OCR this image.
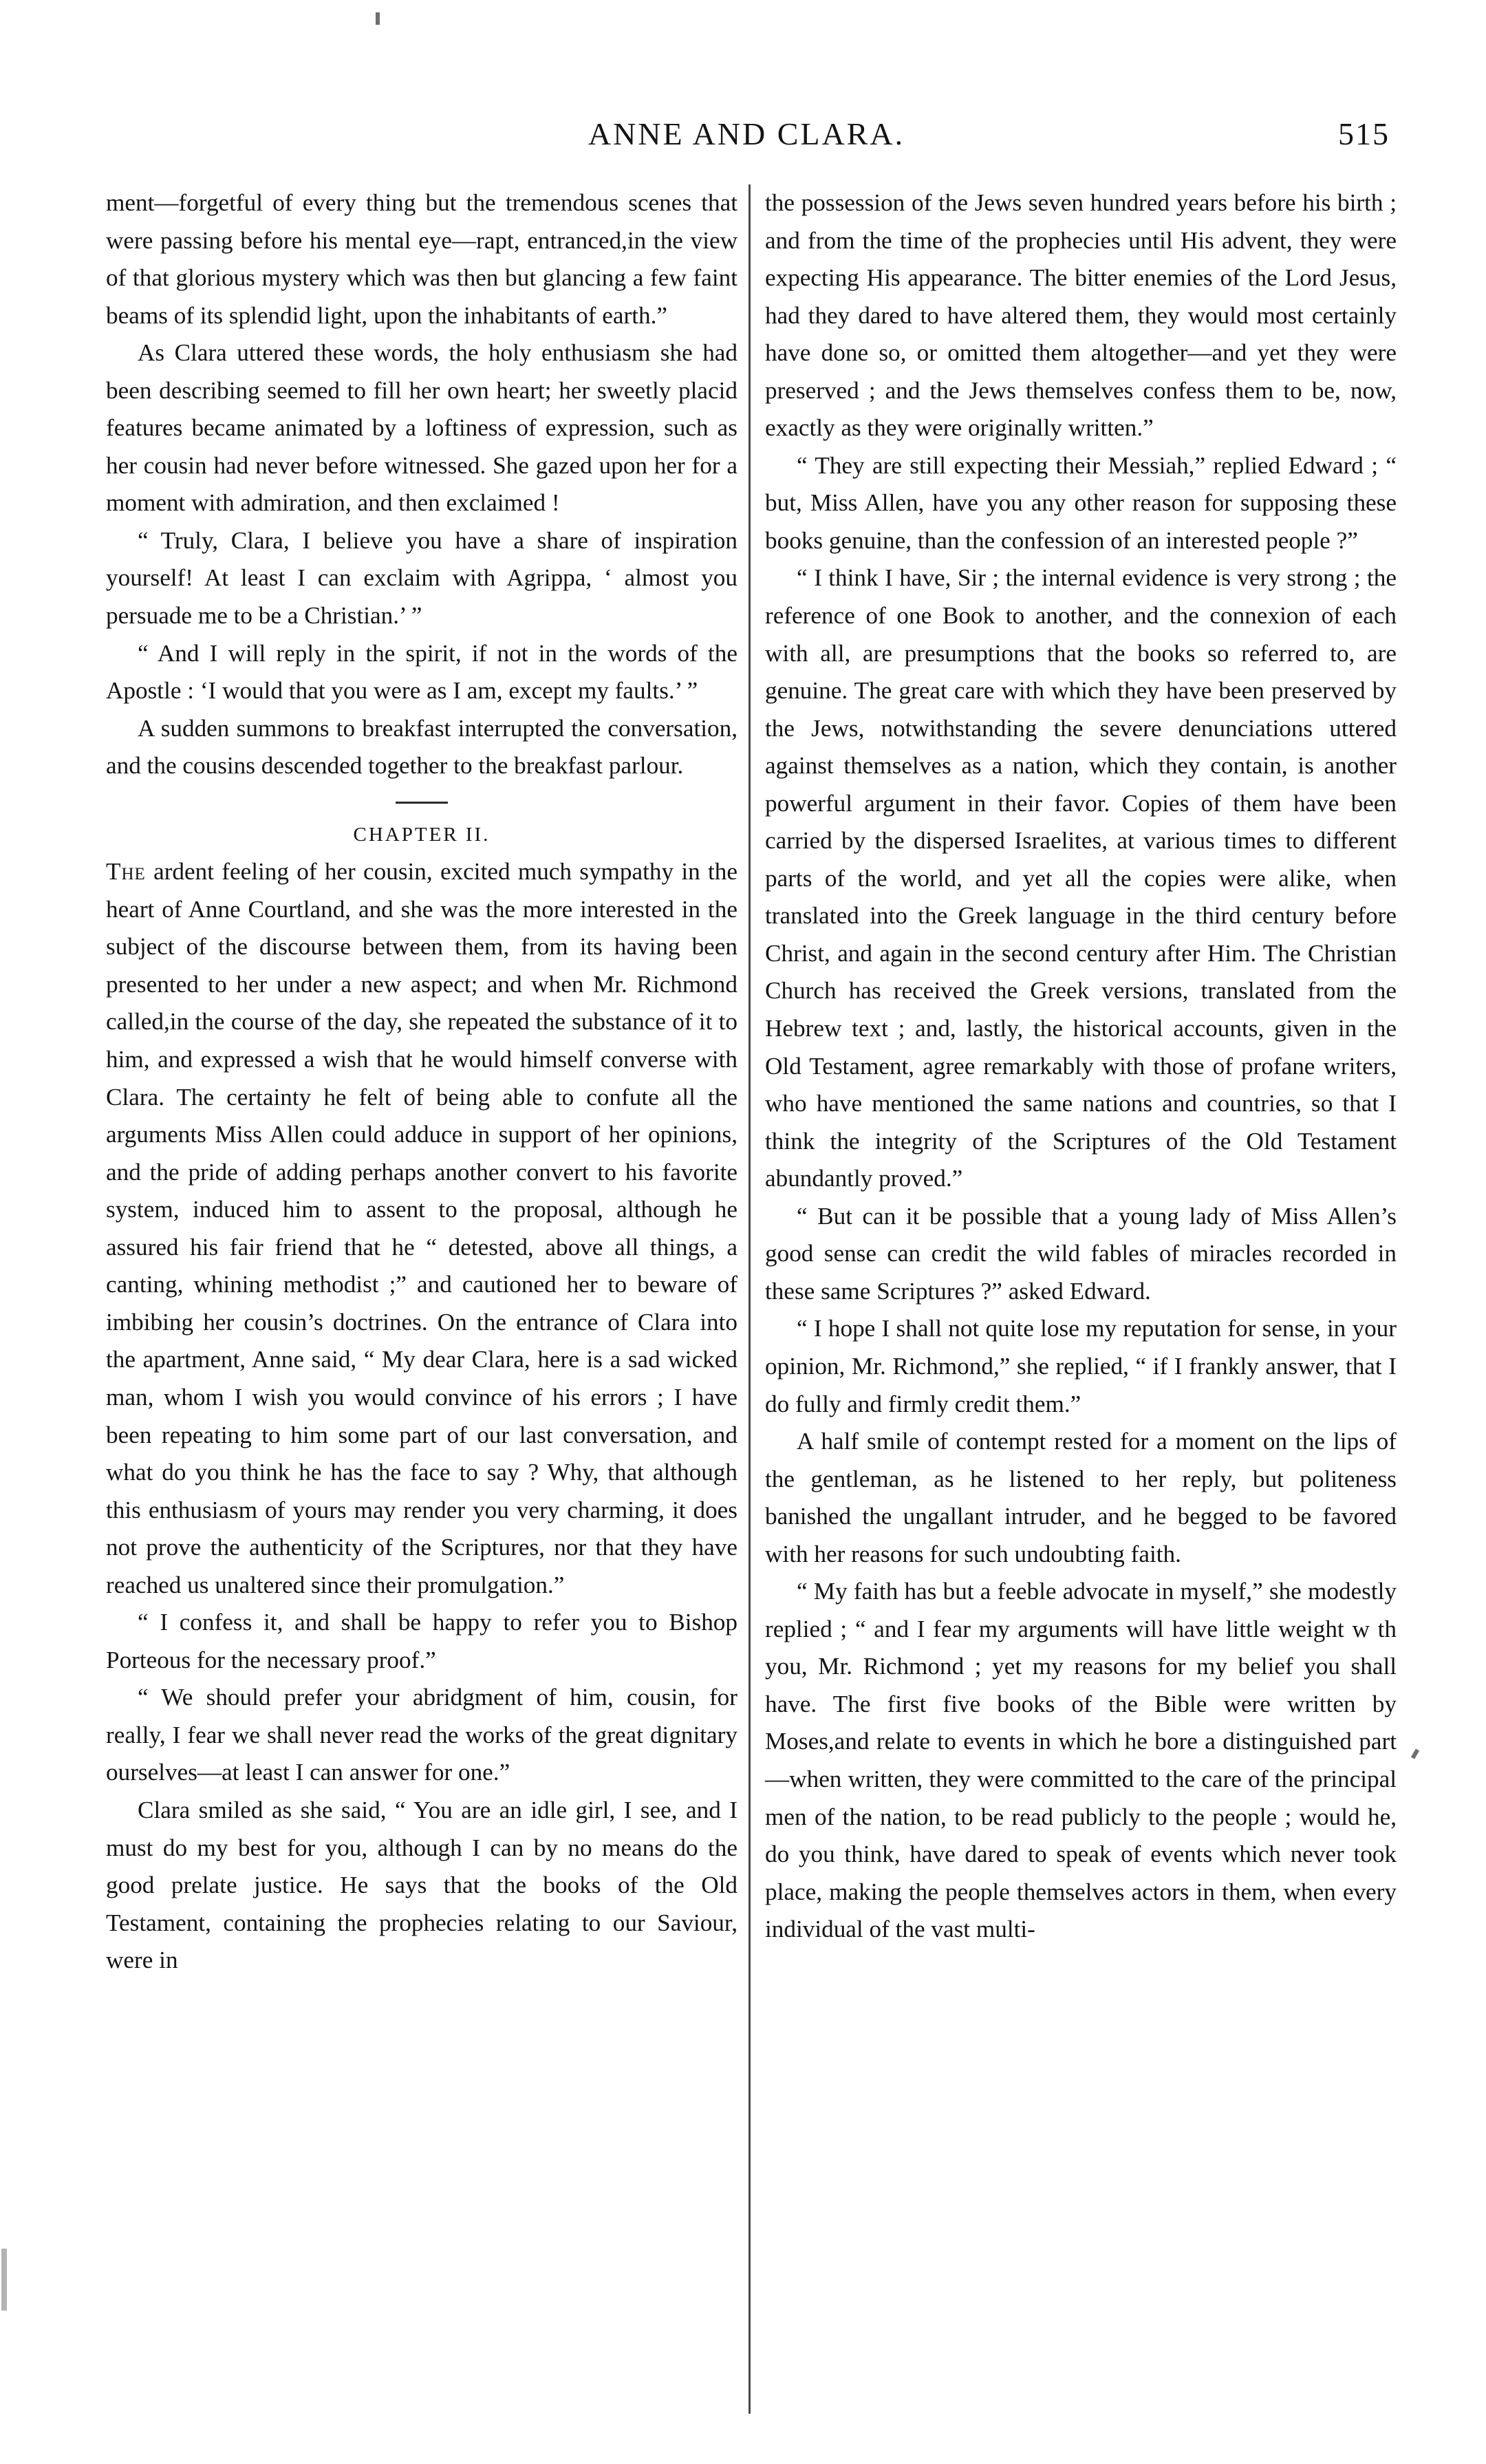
ANNE AND CLARA.	515

ment—forgetful of every thing but the tremendous scenes that were passing before his mental eye—rapt, entranced,in the view of that glorious mystery which was then but glancing a few faint beams of its splendid light, upon the inhabitants of earth.”

As Clara uttered these words, the holy enthusiasm she had been describing seemed to fill her own heart; her sweetly placid features became animated by a loftiness of expression, such as her cousin had never before witnessed. She gazed upon her for a moment with admiration, and then exclaimed !

“ Truly, Clara, I believe you have a share of inspiration yourself! At least I can exclaim with Agrippa, ‘ almost you persuade me to be a Christian.’ ”

“ And I will reply in the spirit, if not in the words of the Apostle : ‘I would that you were as I am, except my faults.’ ”

A sudden summons to breakfast interrupted the conversation, and the cousins descended together to the breakfast parlour.

CHAPTER II.

The ardent feeling of her cousin, excited much sympathy in the heart of Anne Courtland, and she was the more interested in the subject of the discourse between them, from its having been presented to her under a new aspect; and when Mr. Richmond called,in the course of the day, she repeated the substance of it to him, and expressed a wish that he would himself converse with Clara. The certainty he felt of being able to confute all the arguments Miss Allen could adduce in support of her opinions, and the pride of adding perhaps another convert to his favorite system, induced him to assent to the proposal, although he assured his fair friend that he “ detested, above all things, a canting, whining methodist ;” and cautioned her to beware of imbibing her cousin’s doctrines. On the entrance of Clara into the apartment, Anne said, “ My dear Clara, here is a sad wicked man, whom I wish you would convince of his errors ; I have been repeating to him some part of our last conversation, and what do you think he has the face to say ? Why, that although this enthusiasm of yours may render you very charming, it does not prove the authenticity of the Scriptures, nor that they have reached us unaltered since their promulgation.”

“ I confess it, and shall be happy to refer you to Bishop Porteous for the necessary proof.”

“ We should prefer your abridgment of him, cousin, for really, I fear we shall never read the works of the great dignitary ourselves—at least I can answer for one.”

Clara smiled as she said, “ You are an idle girl, I see, and I must do my best for you, although I can by no means do the good prelate justice. He says that the books of the Old Testament, containing the prophecies relating to our Saviour, were in

the possession of the Jews seven hundred years before his birth ; and from the time of the prophecies until His advent, they were expecting His appearance. The bitter enemies of the Lord Jesus, had they dared to have altered them, they would most certainly have done so, or omitted them altogether—and yet they were preserved ; and the Jews themselves confess them to be, now, exactly as they were originally written.”

“ They are still expecting their Messiah,” replied Edward ; “ but, Miss Allen, have you any other reason for supposing these books genuine, than the confession of an interested people ?”

“ I think I have, Sir ; the internal evidence is very strong ; the reference of one Book to another, and the connexion of each with all, are presumptions that the books so referred to, are genuine. The great care with which they have been preserved by the Jews, notwithstanding the severe denunciations uttered against themselves as a nation, which they contain, is another powerful argument in their favor. Copies of them have been carried by the dispersed Israelites, at various times to different parts of the world, and yet all the copies were alike, when translated into the Greek language in the third century before Christ, and again in the second century after Him. The Christian Church has received the Greek versions, translated from the Hebrew text ; and, lastly, the historical accounts, given in the Old Testament, agree remarkably with those of profane writers, who have mentioned the same nations and countries, so that I think the integrity of the Scriptures of the Old Testament abundantly proved.”

“ But can it be possible that a young lady of Miss Allen’s good sense can credit the wild fables of miracles recorded in these same Scriptures ?” asked Edward.

“ I hope I shall not quite lose my reputation for sense, in your opinion, Mr. Richmond,” she replied, “ if I frankly answer, that I do fully and firmly credit them.”

A half smile of contempt rested for a moment on the lips of the gentleman, as he listened to her reply, but politeness banished the ungallant intruder, and he begged to be favored with her reasons for such undoubting faith.

“ My faith has but a feeble advocate in myself,” she modestly replied ; “ and I fear my arguments will have little weight w th you, Mr. Richmond ; yet my reasons for my belief you shall have. The first five books of the Bible were written by Moses,and relate to events in which he bore a distinguished part—when written, they were committed to the care of the principal men of the nation, to be read publicly to the people ; would he, do you think, have dared to speak of events which never took place, making the people themselves actors in them, when every individual of the vast multi-
